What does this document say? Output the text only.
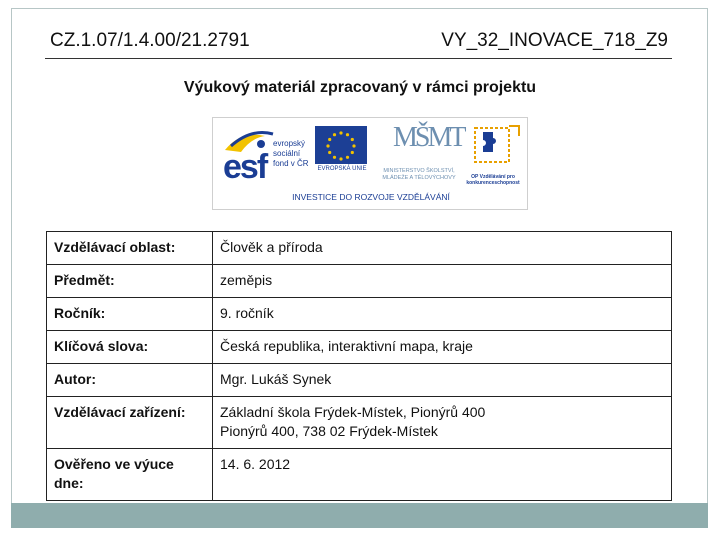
CZ.1.07/1.4.00/21.2791	VY_32_INOVACE_718_Z9
Výukový materiál zpracovaný v rámci projektu
esf
evropský sociální fond v ČR
EVROPSKÁ UNIE
MŠMT
MINISTERSTVO ŠKOLSTVÍ, MLÁDEŽE A TĚLOVÝCHOVY	OP Vzdělávání pro konkurenceschopnost
INVESTICE DO ROZVOJE VZDĚLÁVÁNÍ
Vzdělávací oblast:	Člověk a příroda
Předmět:	zeměpis
Ročník:	9. ročník
Klíčová slova:	Česká republika, interaktivní mapa, kraje
Autor:	Mgr. Lukáš Synek
Vzdělávací zařízení:	Základní škola Frýdek-Místek, Pionýrů 400
Pionýrů 400, 738 02 Frýdek-Místek

Ověřeno ve výuce dne:	14. 6. 2012
